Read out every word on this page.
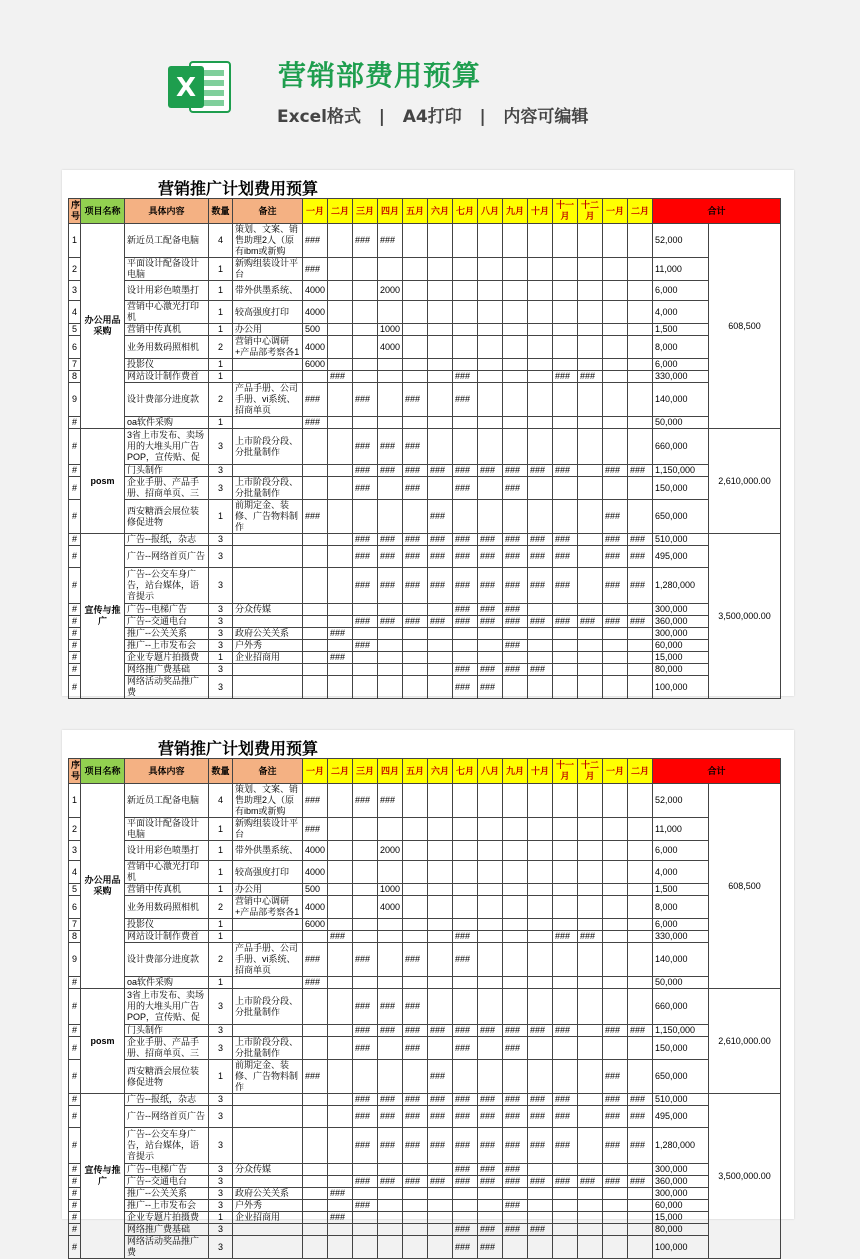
X	营销部费用预算
Excel格式   |   A4打印   |   内容可编辑
营销推广计划费用预算
序号	项目名称	具体内容	数量	备注	一月	二月	三月	四月	五月	六月	七月	八月	九月	十月	十一月	十二月	一月	二月	合计	
1	办公用品采购	新近员工配备电脑	4	策划、文案、销售助理2人（原有ibm或新购	###		###	###											52,000	608,500
2		平面设计配备设计电脑	1	新购组装设计平台	###														11,000	
3		设计用彩色喷墨打	1	带外供墨系统、	4000			2000											6,000	
4		营销中心激光打印机	1	较高强度打印	4000														4,000	
5		营销中传真机	1	办公用	500			1000											1,500	
6		业务用数码照相机	2	营销中心调研+产品部考察各1	4000			4000											8,000	
7		投影仪	1		6000														6,000	
8		网站设计制作费首	1			###					###				###	###			330,000	
9		设计费部分进度款	2	产品手册、公司手册、vi系统、招商单页	###		###		###		###								140,000	
#		oa软件采购	1		###														50,000	
#	posm	3省上市发布、卖场用的大堆头用广告POP，宣传贴、促	3	上市阶段分段、分批量制作			###	###	###										660,000	2,610,000.00
#		门头制作	3				###	###	###	###	###	###	###	###	###		###	###	1,150,000	
#		企业手册、产品手册、招商单页、三	3	上市阶段分段、分批量制作			###		###		###		###						150,000	
#		西安糖酒会展位装修促进物	1	前期定金、装修、广告物料制作	###					###							###		650,000	
#	宣传与推广	广告--报纸，杂志	3				###	###	###	###	###	###	###	###	###		###	###	510,000	3,500,000.00
#		广告--网络首页广告	3				###	###	###	###	###	###	###	###	###		###	###	495,000	
#		广告--公交车身广告，站台媒体，语音提示	3				###	###	###	###	###	###	###	###	###		###	###	1,280,000	
#		广告--电梯广告	3	分众传媒							###	###	###						300,000	
#		广告--交通电台	3				###	###	###	###	###	###	###	###	###	###	###	###	360,000	
#		推广--公关关系	3	政府公关关系		###													300,000	
#		推广--上市发布会	3	户外秀			###						###						60,000	
#		企业专题片拍摄费	1	企业招商用		###													15,000	
#		网络推广费基础	3								###	###	###	###					80,000	
#		网络活动奖品推广费	3								###	###							100,000	
营销推广计划费用预算
序号	项目名称	具体内容	数量	备注	一月	二月	三月	四月	五月	六月	七月	八月	九月	十月	十一月	十二月	一月	二月	合计	
1	办公用品采购	新近员工配备电脑	4	策划、文案、销售助理2人（原有ibm或新购	###		###	###											52,000	608,500
2		平面设计配备设计电脑	1	新购组装设计平台	###														11,000	
3		设计用彩色喷墨打	1	带外供墨系统、	4000			2000											6,000	
4		营销中心激光打印机	1	较高强度打印	4000														4,000	
5		营销中传真机	1	办公用	500			1000											1,500	
6		业务用数码照相机	2	营销中心调研+产品部考察各1	4000			4000											8,000	
7		投影仪	1		6000														6,000	
8		网站设计制作费首	1			###					###				###	###			330,000	
9		设计费部分进度款	2	产品手册、公司手册、vi系统、招商单页	###		###		###		###								140,000	
#		oa软件采购	1		###														50,000	
#	posm	3省上市发布、卖场用的大堆头用广告POP，宣传贴、促	3	上市阶段分段、分批量制作			###	###	###										660,000	2,610,000.00
#		门头制作	3				###	###	###	###	###	###	###	###	###		###	###	1,150,000	
#		企业手册、产品手册、招商单页、三	3	上市阶段分段、分批量制作			###		###		###		###						150,000	
#		西安糖酒会展位装修促进物	1	前期定金、装修、广告物料制作	###					###							###		650,000	
#	宣传与推广	广告--报纸，杂志	3				###	###	###	###	###	###	###	###	###		###	###	510,000	3,500,000.00
#		广告--网络首页广告	3				###	###	###	###	###	###	###	###	###		###	###	495,000	
#		广告--公交车身广告，站台媒体，语音提示	3				###	###	###	###	###	###	###	###	###		###	###	1,280,000	
#		广告--电梯广告	3	分众传媒							###	###	###						300,000	
#		广告--交通电台	3				###	###	###	###	###	###	###	###	###	###	###	###	360,000	
#		推广--公关关系	3	政府公关关系		###													300,000	
#		推广--上市发布会	3	户外秀			###						###						60,000	
#		企业专题片拍摄费	1	企业招商用		###													15,000	
#		网络推广费基础	3								###	###	###	###					80,000	
#		网络活动奖品推广费	3								###	###							100,000	
